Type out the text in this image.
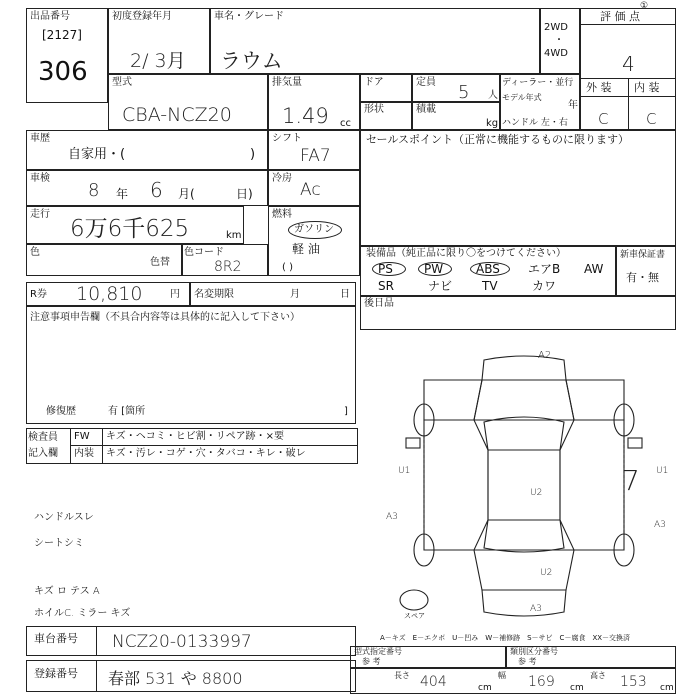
出品番号
[2127]
306
初度登録年月
2/ 3月
車名・グレード
ラウム
2WD
・
4WD
①
評 価 点
4
外 装 内 装
C	C
型式
CBA-NCZ20
排気量
1.49 cc
ドア	定員 5 人
ディーラー・並行
モデル年式
年
ハンドル 左・右
形状	積載
kg
車歴
自家用・(	)
シフト
FA7
車検
8 年 6 月(	日)
冷房
Ac
走行
6万6千625	km
燃料
ガソリン
軽 油
( )
色
色替
色コード
8R2
R券 10,810	円 名変期限	月	日
注意事項申告欄（不具合内容等は具体的に記入して下さい）
修復歴	有 [箇所	]
検査員
記入欄
FW キズ・ヘコミ・ヒビ割・リペア跡・×要
内装 キズ・汚レ・コゲ・穴・タバコ・キレ・破レ
ハンドルスレ
シートシミ
キズ ロ テス A
ホイルC. ミラー キズ
セールスポイント（正常に機能するものに限ります）
装備品（純正品に限り〇をつけてください）	新車保証書
有・無
PS	PW	ABS エアB AW
SR	ナビ TV	カワ
後日品
A2
U1	U1
7
U2
A3
A3
U2
A3
スペア
A－キズ　E－エクボ　U－凹み　W－補修跡　S－サビ　C－腐食　XX－交換済
車台番号 NCZ20-0133997
登録番号 春部 531 や 8800
型式指定番号
参 考
類別区分番号
参 考
長さ 404	cm
幅 169 cm
高さ 153 cm
